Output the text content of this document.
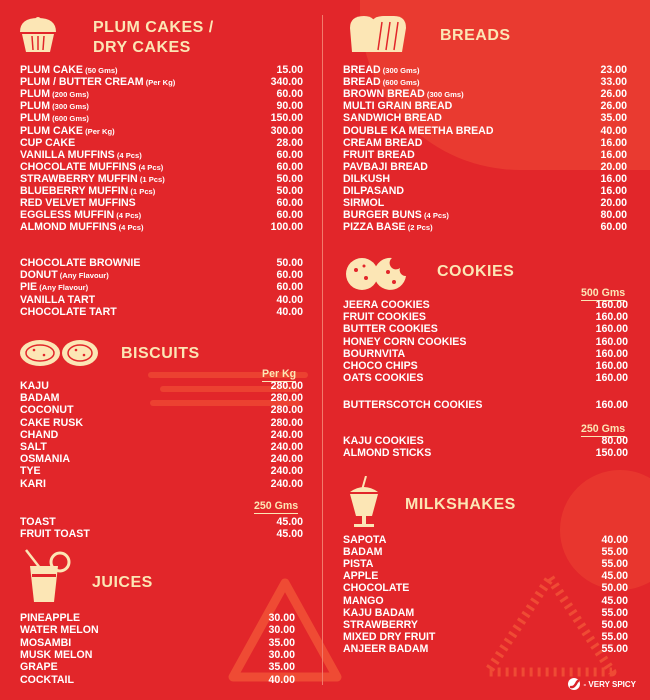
PLUM CAKES /
DRY CAKES
PLUM CAKE (50 Gms)	15.00
PLUM / BUTTER CREAM (Per Kg)	340.00
PLUM (200 Gms)	60.00
PLUM (300 Gms)	90.00
PLUM (600 Gms)	150.00
PLUM CAKE (Per Kg)	300.00
CUP CAKE	28.00
VANILLA MUFFINS (4 Pcs)	60.00
CHOCOLATE MUFFINS (4 Pcs)	60.00
STRAWBERRY MUFFIN (1 Pcs)	50.00
BLUEBERRY MUFFIN (1 Pcs)	50.00
RED VELVET MUFFINS	60.00
EGGLESS MUFFIN (4 Pcs)	60.00
ALMOND MUFFINS (4 Pcs)	100.00
CHOCOLATE BROWNIE	50.00
DONUT (Any Flavour)	60.00
PIE (Any Flavour)	60.00
VANILLA TART	40.00
CHOCOLATE TART	40.00
BISCUITS
Per Kg
KAJU	280.00
BADAM	280.00
COCONUT	280.00
CAKE RUSK	280.00
CHAND	240.00
SALT	240.00
OSMANIA	240.00
TYE	240.00
KARI	240.00
250 Gms
TOAST	45.00
FRUIT TOAST	45.00
JUICES
PINEAPPLE	30.00
WATER MELON	30.00
MOSAMBI	35.00
MUSK MELON	30.00
GRAPE	35.00
COCKTAIL	40.00
BREADS
BREAD (300 Gms)	23.00
BREAD (600 Gms)	33.00
BROWN BREAD (300 Gms)	26.00
MULTI GRAIN BREAD	26.00
SANDWICH BREAD	35.00
DOUBLE KA MEETHA BREAD	40.00
CREAM BREAD	16.00
FRUIT BREAD	16.00
PAVBAJI BREAD	20.00
DILKUSH	16.00
DILPASAND	16.00
SIRMOL	20.00
BURGER BUNS (4 Pcs)	80.00
PIZZA BASE (2 Pcs)	60.00
COOKIES
500 Gms
JEERA COOKIES	160.00
FRUIT COOKIES	160.00
BUTTER COOKIES	160.00
HONEY CORN COOKIES	160.00
BOURNVITA	160.00
CHOCO CHIPS	160.00
OATS COOKIES	160.00
BUTTERSCOTCH COOKIES	160.00
250 Gms
KAJU COOKIES	80.00
ALMOND STICKS	150.00
MILKSHAKES
SAPOTA	40.00
BADAM	55.00
PISTA	55.00
APPLE	45.00
CHOCOLATE	50.00
MANGO	45.00
KAJU BADAM	55.00
STRAWBERRY	50.00
MIXED DRY FRUIT	55.00
ANJEER BADAM	55.00
- VERY SPICY
